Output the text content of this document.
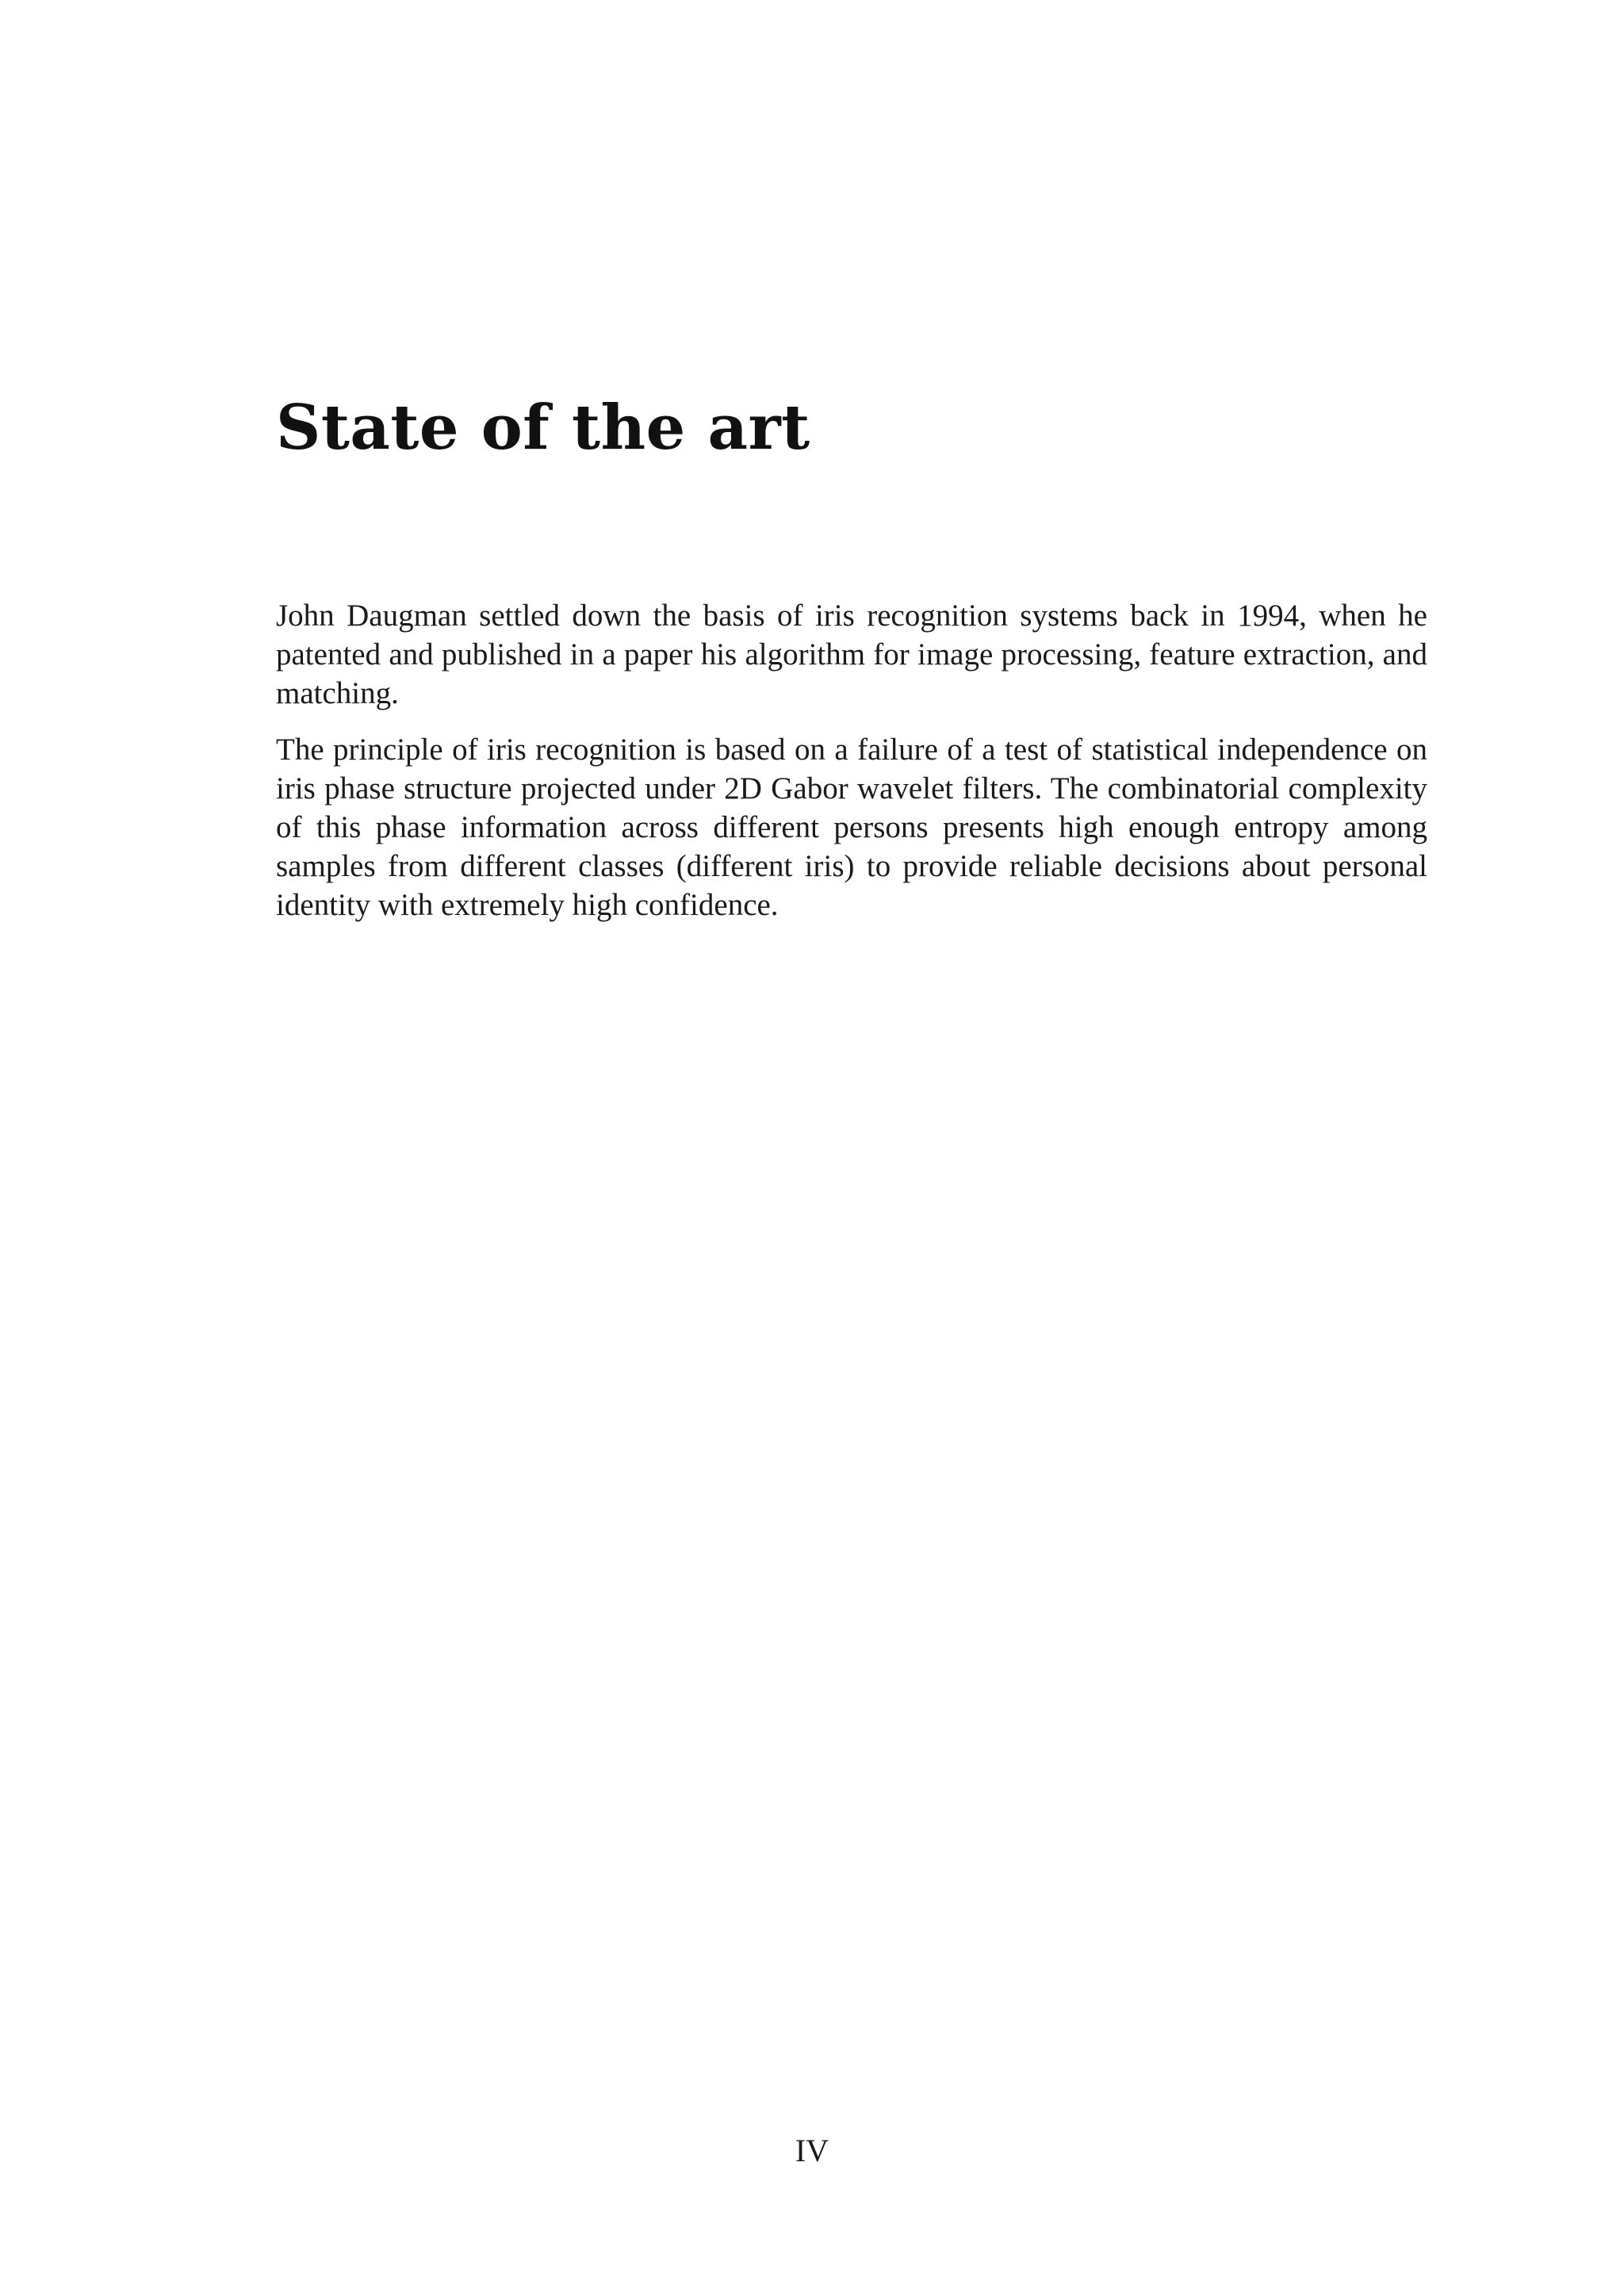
State of the art

John Daugman settled down the basis of iris recognition systems back in 1994, when he patented and published in a paper his algorithm for image processing, feature extraction, and matching.

The principle of iris recognition is based on a failure of a test of statistical independence on iris phase structure projected under 2D Gabor wavelet filters. The combinatorial complexity of this phase information across different persons presents high enough entropy among samples from different classes (different iris) to provide reliable decisions about personal identity with extremely high confidence.

IV
